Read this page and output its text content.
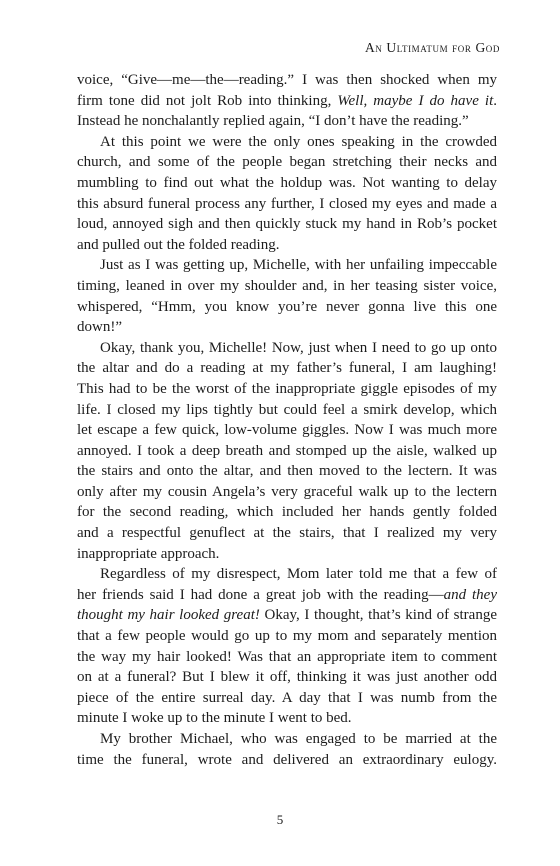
An Ultimatum for God
voice, “Give—me—the—reading.” I was then shocked when my
firm tone did not jolt Rob into thinking, Well, maybe I do have it.
Instead he nonchalantly replied again, “I don’t have the reading.”
At this point we were the only ones speaking in the crowded
church, and some of the people began stretching their necks and
mumbling to find out what the holdup was. Not wanting to delay
this absurd funeral process any further, I closed my eyes and made a
loud, annoyed sigh and then quickly stuck my hand in Rob’s pocket
and pulled out the folded reading.
Just as I was getting up, Michelle, with her unfailing impeccable
timing, leaned in over my shoulder and, in her teasing sister voice,
whispered, “Hmm, you know you’re never gonna live this one
down!”
Okay, thank you, Michelle! Now, just when I need to go up onto
the altar and do a reading at my father’s funeral, I am laughing!
This had to be the worst of the inappropriate giggle episodes of my
life. I closed my lips tightly but could feel a smirk develop, which
let escape a few quick, low-volume giggles. Now I was much more
annoyed. I took a deep breath and stomped up the aisle, walked up
the stairs and onto the altar, and then moved to the lectern. It was
only after my cousin Angela’s very graceful walk up to the lectern
for the second reading, which included her hands gently folded
and a respectful genuflect at the stairs, that I realized my very
inappropriate approach.
Regardless of my disrespect, Mom later told me that a few of
her friends said I had done a great job with the reading—and they
thought my hair looked great! Okay, I thought, that’s kind of strange
that a few people would go up to my mom and separately mention
the way my hair looked! Was that an appropriate item to comment
on at a funeral? But I blew it off, thinking it was just another odd
piece of the entire surreal day. A day that I was numb from the
minute I woke up to the minute I went to bed.
My brother Michael, who was engaged to be married at the
time the funeral, wrote and delivered an extraordinary eulogy.
5
